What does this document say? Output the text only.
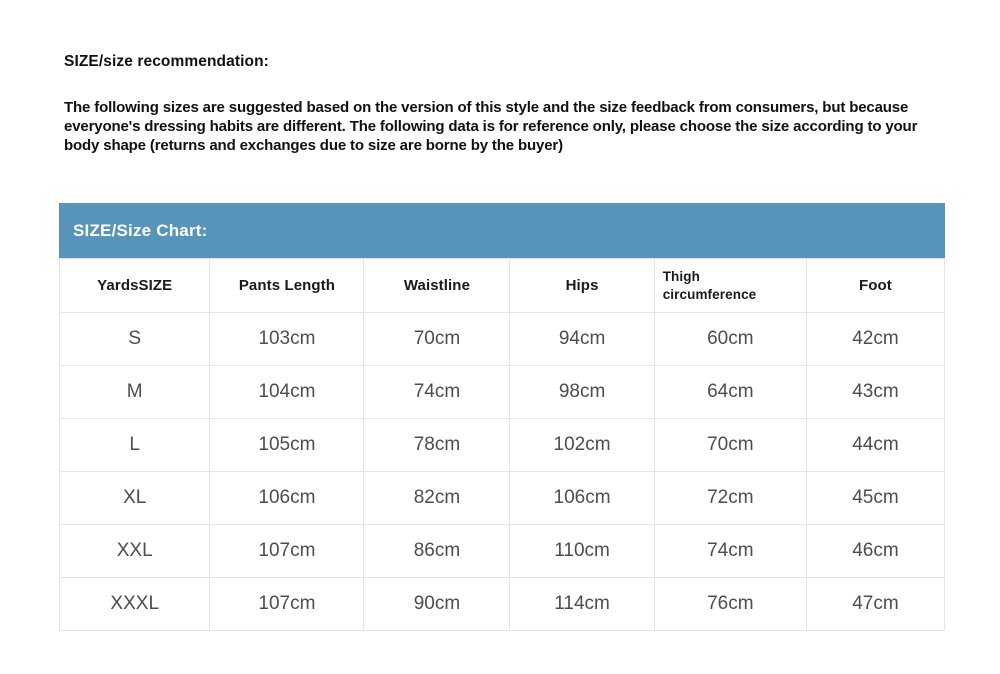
SIZE/size recommendation:

The following sizes are suggested based on the version of this style and the size feedback from consumers, but because everyone's dressing habits are different. The following data is for reference only, please choose the size according to your body shape (returns and exchanges due to size are borne by the buyer)

SIZE/Size Chart:
YardsSIZE	Pants Length	Waistline	Hips	Thigh circumference	Foot
S	103cm	70cm	94cm	60cm	42cm
M	104cm	74cm	98cm	64cm	43cm
L	105cm	78cm	102cm	70cm	44cm
XL	106cm	82cm	106cm	72cm	45cm
XXL	107cm	86cm	110cm	74cm	46cm
XXXL	107cm	90cm	114cm	76cm	47cm
